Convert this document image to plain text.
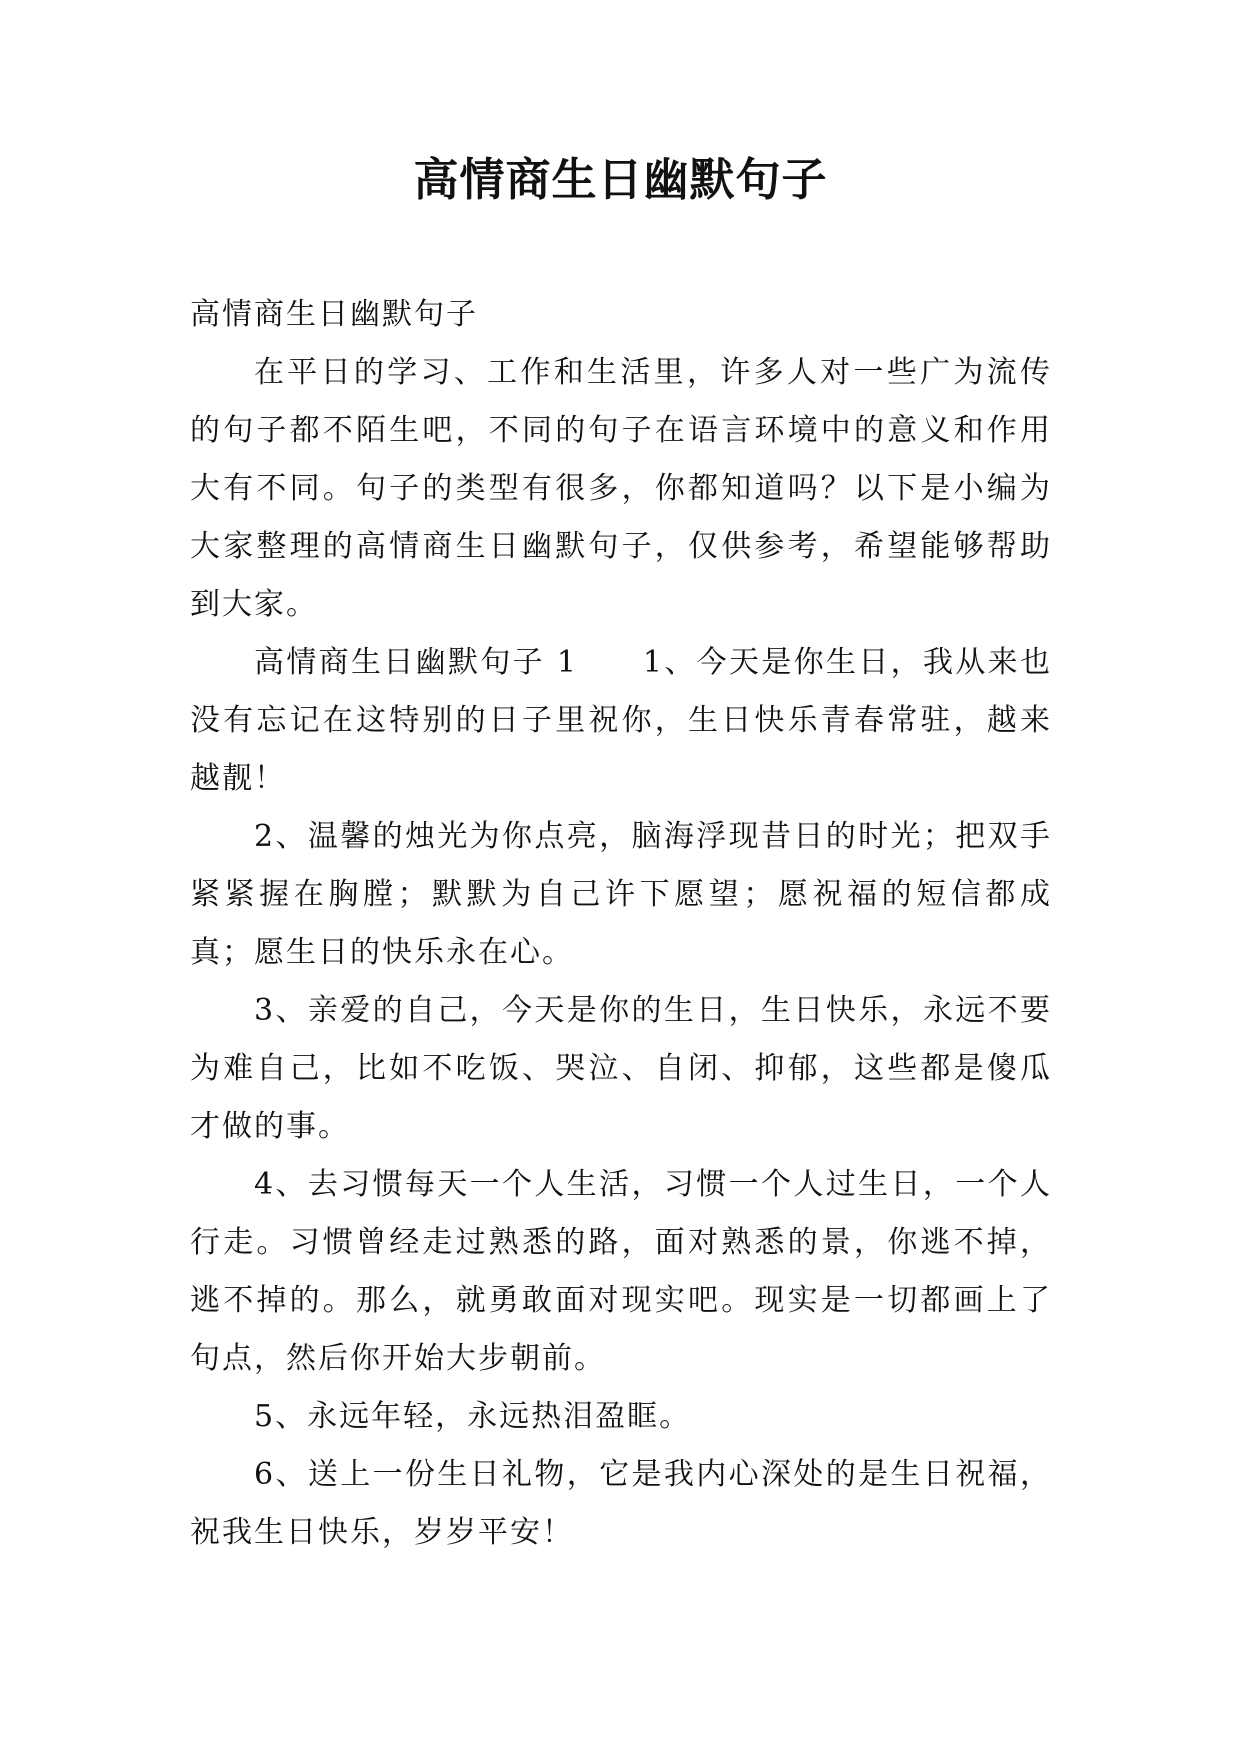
高情商生日幽默句子

高情商生日幽默句子

在平日的学习、工作和生活里，许多人对一些广为流传的句子都不陌生吧，不同的句子在语言环境中的意义和作用大有不同。句子的类型有很多，你都知道吗？以下是小编为大家整理的高情商生日幽默句子，仅供参考，希望能够帮助到大家。

高情商生日幽默句子 1　　1、今天是你生日，我从来也没有忘记在这特别的日子里祝你，生日快乐青春常驻，越来越靓！

2、温馨的烛光为你点亮，脑海浮现昔日的时光；把双手紧紧握在胸膛；默默为自己许下愿望；愿祝福的短信都成真；愿生日的快乐永在心。

3、亲爱的自己，今天是你的生日，生日快乐，永远不要为难自己，比如不吃饭、哭泣、自闭、抑郁，这些都是傻瓜才做的事。

4、去习惯每天一个人生活，习惯一个人过生日，一个人行走。习惯曾经走过熟悉的路，面对熟悉的景，你逃不掉，逃不掉的。那么，就勇敢面对现实吧。现实是一切都画上了句点，然后你开始大步朝前。

5、永远年轻，永远热泪盈眶。

6、送上一份生日礼物，它是我内心深处的是生日祝福，祝我生日快乐，岁岁平安！
